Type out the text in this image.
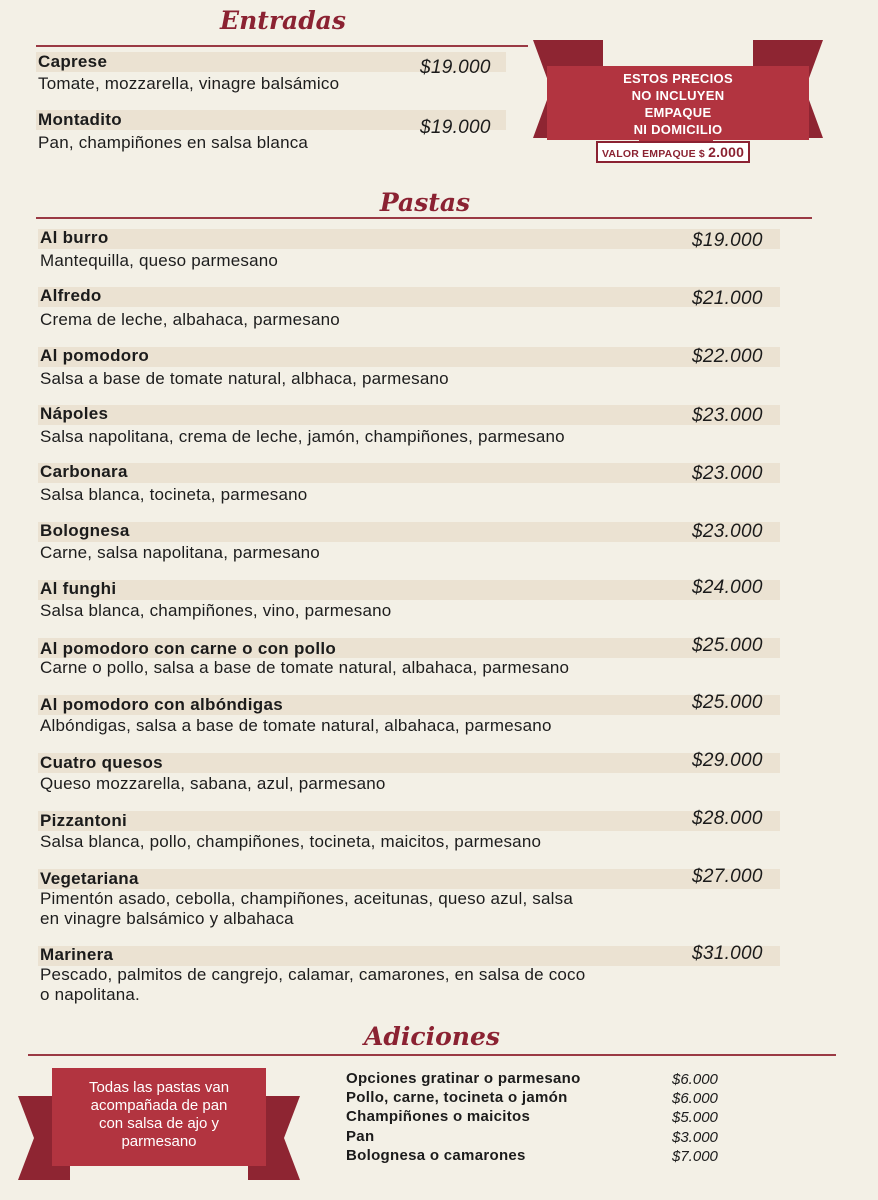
Entradas
Caprese
Tomate, mozzarella, vinagre balsámico
$19.000
Montadito
Pan, champiñones en salsa blanca
$19.000
ESTOS PRECIOS
NO INCLUYEN
EMPAQUE
NI DOMICILIO
VALOR EMPAQUE $ 2.000
Pastas
Al burro
Mantequilla, queso parmesano
$19.000
Alfredo
Crema de leche, albahaca, parmesano
$21.000
Al pomodoro
Salsa a base de tomate natural, albhaca, parmesano
$22.000
Nápoles
Salsa napolitana, crema de leche, jamón, champiñones, parmesano
$23.000
Carbonara
Salsa blanca, tocineta, parmesano
$23.000
Bolognesa
Carne, salsa napolitana, parmesano
$23.000
Al funghi
Salsa blanca, champiñones, vino, parmesano
$24.000
Al pomodoro con carne o con pollo
Carne o pollo, salsa a base de tomate natural, albahaca, parmesano
$25.000
Al pomodoro con albóndigas
Albóndigas, salsa a base de tomate natural, albahaca, parmesano
$25.000
Cuatro quesos
Queso mozzarella, sabana, azul, parmesano
$29.000
Pizzantoni
Salsa blanca, pollo, champiñones, tocineta, maicitos, parmesano
$28.000
Vegetariana
Pimentón asado, cebolla, champiñones, aceitunas, queso azul, salsa
en vinagre balsámico y albahaca
$27.000
Marinera
Pescado, palmitos de cangrejo, calamar, camarones, en salsa de coco
o napolitana.
$31.000
Adiciones
Todas las pastas van
acompañada de pan
con salsa de ajo y
parmesano
Opciones gratinar o parmesano	$6.000
Pollo, carne, tocineta o jamón	$6.000
Champiñones o maicitos	$5.000
Pan	$3.000
Bolognesa o camarones	$7.000
